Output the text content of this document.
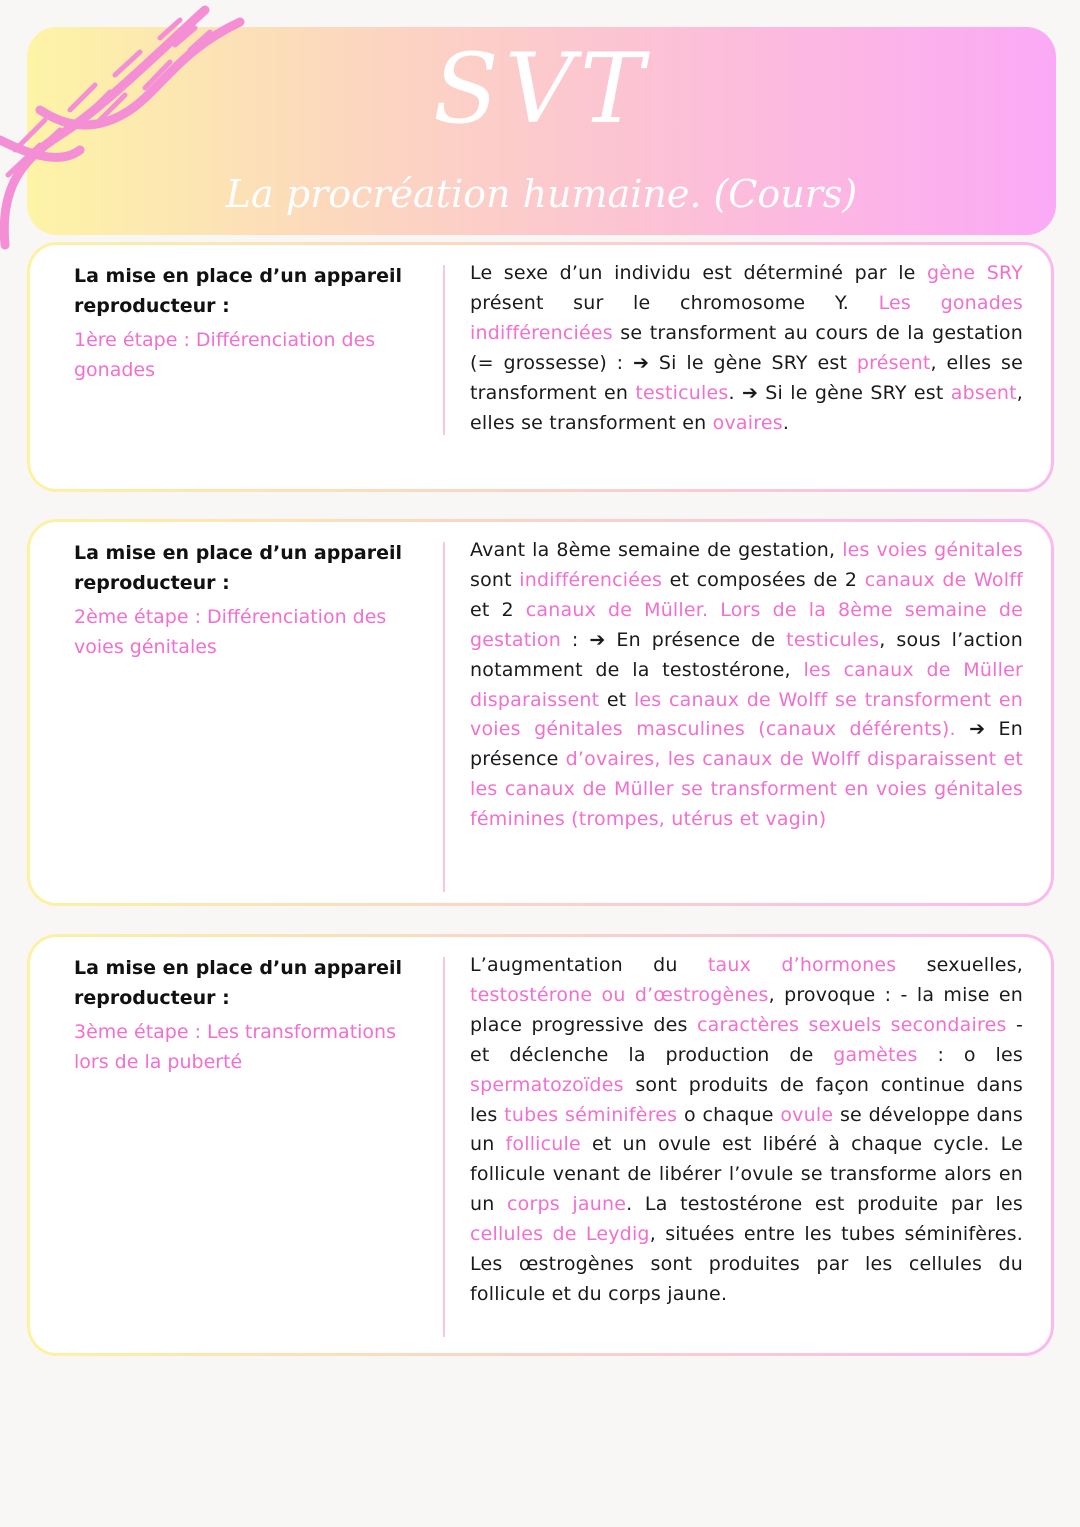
SVT
La procréation humaine. (Cours)
La mise en place d’un appareil reproducteur :
1ère étape : Différenciation des gonades
Le sexe d’un individu est déterminé par le gène SRY présent sur le chromosome Y. Les gonades indifférenciées se transforment au cours de la gestation (= grossesse) : ➔ Si le gène SRY est présent, elles se transforment en testicules. ➔ Si le gène SRY est absent, elles se transforment en ovaires.
La mise en place d’un appareil reproducteur :
2ème étape : Différenciation des voies génitales
Avant la 8ème semaine de gestation, les voies génitales sont indifférenciées et composées de 2 canaux de Wolff et 2 canaux de Müller. Lors de la 8ème semaine de gestation : ➔ En présence de testicules, sous l’action notamment de la testostérone, les canaux de Müller disparaissent et les canaux de Wolff se transforment en voies génitales masculines (canaux déférents). ➔ En présence d’ovaires, les canaux de Wolff disparaissent et les canaux de Müller se transforment en voies génitales féminines (trompes, utérus et vagin)
La mise en place d’un appareil reproducteur :
3ème étape : Les transformations lors de la puberté
L’augmentation du taux d’hormones sexuelles, testostérone ou d’œstrogènes, provoque : - la mise en place progressive des caractères sexuels secondaires - et déclenche la production de gamètes : o les spermatozoïdes sont produits de façon continue dans les tubes séminifères o chaque ovule se développe dans un follicule et un ovule est libéré à chaque cycle. Le follicule venant de libérer l’ovule se transforme alors en un corps jaune. La testostérone est produite par les cellules de Leydig, situées entre les tubes séminifères. Les œstrogènes sont produites par les cellules du follicule et du corps jaune.
